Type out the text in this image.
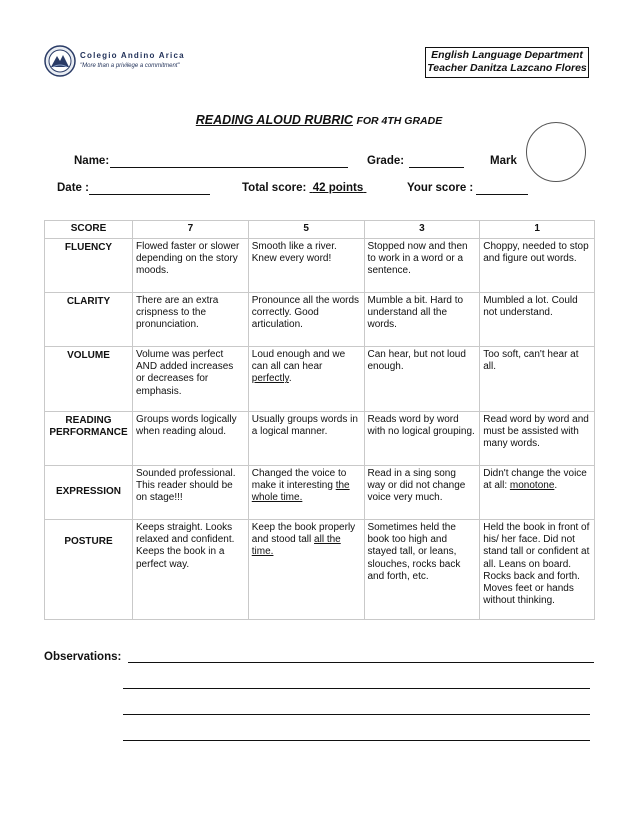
Colegio Andino Arica
"More than a privilege a commitment"
English Language Department
Teacher Danitza Lazcano Flores
READING ALOUD RUBRIC FOR 4TH GRADE
Name:	Grade:	Mark
Date :	Total score: 42 points	Your score :
SCORE	7	5	3	1
FLUENCY	Flowed faster or slower depending on the story moods.	Smooth like a river. Knew every word!	Stopped now and then to work in a word or a sentence.	Choppy, needed to stop and figure out words.
CLARITY	There are an extra crispness to the pronunciation.	Pronounce all the words correctly. Good articulation.	Mumble a bit. Hard to understand all the words.	Mumbled a lot. Could not understand.
VOLUME	Volume was perfect AND added increases or decreases for emphasis.	Loud enough and we can all can hear perfectly.	Can hear, but not loud enough.	Too soft, can't hear at all.
READING
PERFORMANCE	Groups words logically when reading aloud.	Usually groups words in a logical manner.	Reads word by word with no logical grouping.	Read word by word and must be assisted with many words.
EXPRESSION	Sounded professional. This reader should be on stage!!!	Changed the voice to make it interesting the whole time.	Read in a sing song way or did not change voice very much.	Didn't change the voice at all: monotone.
POSTURE	Keeps straight. Looks relaxed and confident. Keeps the book in a perfect way.	Keep the book properly and stood tall all the time.	Sometimes held the book too high and stayed tall, or leans, slouches, rocks back and forth, etc.	Held the book in front of his/ her face. Did not stand tall or confident at all. Leans on board. Rocks back and forth. Moves feet or hands without thinking.
Observations:
